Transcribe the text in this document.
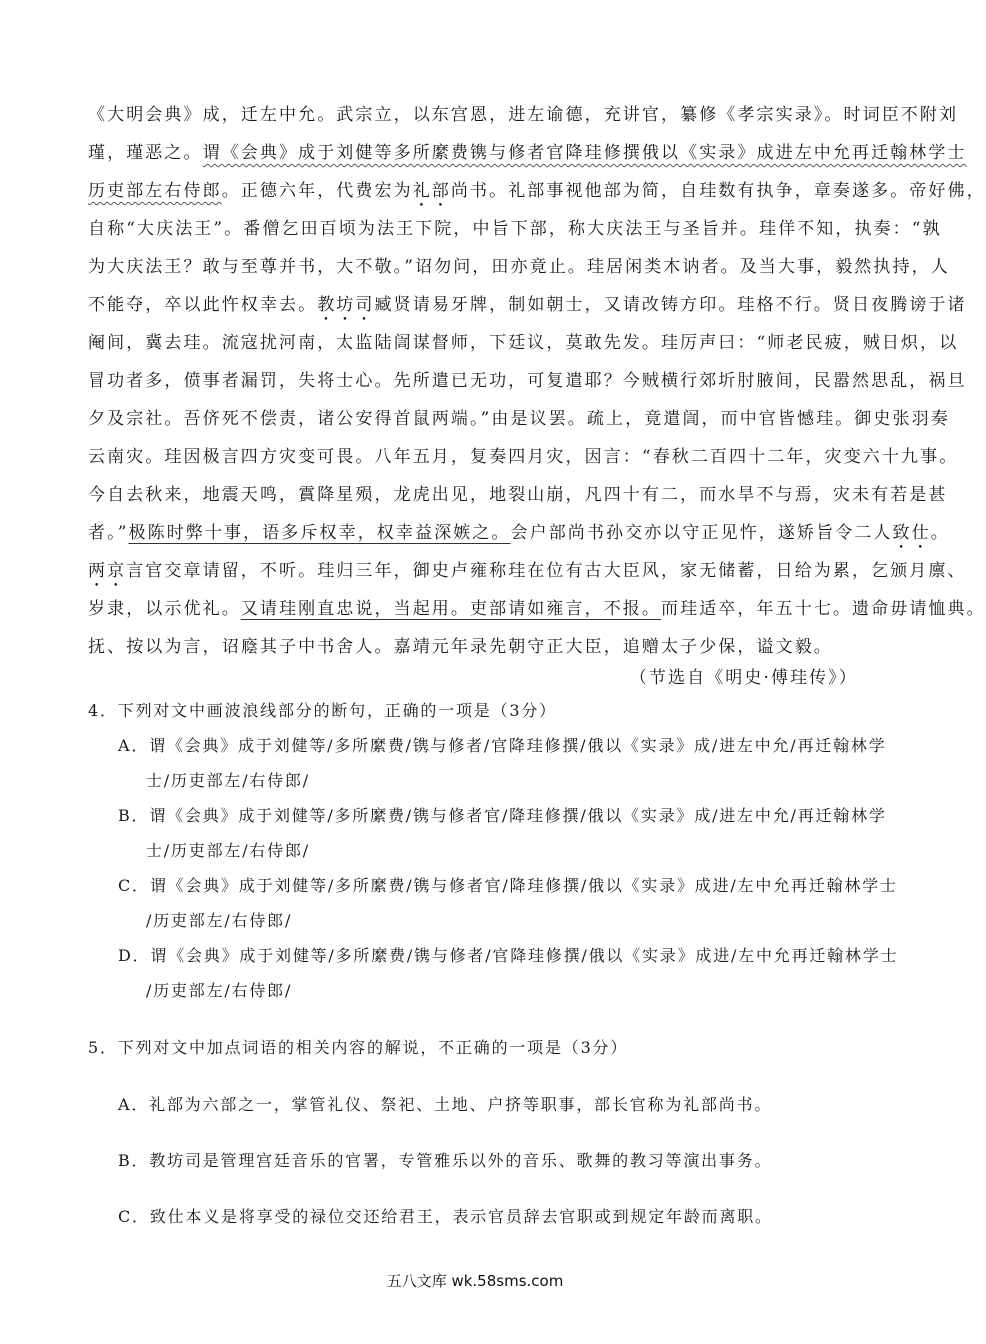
《大明会典》成，迁左中允。武宗立，以东宫恩，进左谕德，充讲官，纂修《孝宗实录》。时词臣不附刘
瑾，瑾恶之。谓《会典》成于刘健等多所縻费镌与修者官降珪修撰俄以《实录》成进左中允再迁翰林学士
历吏部左右侍郎。正德六年，代费宏为礼部尚书。礼部事视他部为简，自珪数有执争，章奏遂多。帝好佛，
自称“大庆法王”。番僧乞田百顷为法王下院，中旨下部，称大庆法王与圣旨并。珪佯不知，执奏：“孰
为大庆法王？敢与至尊并书，大不敬。”诏勿问，田亦竟止。珪居闲类木讷者。及当大事，毅然执持，人
不能夺，卒以此忤权幸去。教坊司臧贤请易牙牌，制如朝士，又请改铸方印。珪格不行。贤日夜腾谤于诸
阉间，冀去珪。流寇扰河南，太监陆訚谋督师，下廷议，莫敢先发。珪厉声曰：“师老民疲，贼日炽，以
冒功者多，偾事者漏罚，失将士心。先所遣已无功，可复遣耶？今贼横行郊圻肘腋间，民嚣然思乱，祸旦
夕及宗社。吾侪死不偿责，诸公安得首鼠两端。”由是议罢。疏上，竟遣訚，而中官皆憾珪。御史张羽奏
云南灾。珪因极言四方灾变可畏。八年五月，复奏四月灾，因言：“春秋二百四十二年，灾变六十九事。
今自去秋来，地震天鸣，霣降星殒，龙虎出见，地裂山崩，凡四十有二，而水旱不与焉，灾未有若是甚
者。”极陈时弊十事，语多斥权幸，权幸益深嫉之。会户部尚书孙交亦以守正见忤，遂矫旨令二人致仕。
两京言官交章请留，不听。珪归三年，御史卢雍称珪在位有古大臣风，家无储蓄，日给为累，乞颁月廪、
岁隶，以示优礼。又请珪刚直忠说，当起用。吏部请如雍言，不报。而珪适卒，年五十七。遗命毋请恤典。
抚、按以为言，诏廕其子中书舍人。嘉靖元年录先朝守正大臣，追赠太子少保，谥文毅。
（节选自《明史·傅珪传》）
4．下列对文中画波浪线部分的断句，正确的一项是（3分）
A．谓《会典》成于刘健等/多所縻费/镌与修者/官降珪修撰/俄以《实录》成/进左中允/再迁翰林学
士/历吏部左/右侍郎/
B．谓《会典》成于刘健等/多所縻费/镌与修者官/降珪修撰/俄以《实录》成/进左中允/再迁翰林学
士/历吏部左/右侍郎/
C．谓《会典》成于刘健等/多所縻费/镌与修者官/降珪修撰/俄以《实录》成进/左中允再迁翰林学士
/历吏部左/右侍郎/
D．谓《会典》成于刘健等/多所縻费/镌与修者/官降珪修撰/俄以《实录》成进/左中允再迁翰林学士
/历吏部左/右侍郎/
5．下列对文中加点词语的相关内容的解说，不正确的一项是（3分）
A．礼部为六部之一，掌管礼仪、祭祀、土地、户挤等职事，部长官称为礼部尚书。
B．教坊司是管理宫廷音乐的官署，专管雅乐以外的音乐、歌舞的教习等演出事务。
C．致仕本义是将享受的禄位交还给君王，表示官员辞去官职或到规定年龄而离职。
五八文库 wk.58sms.com
